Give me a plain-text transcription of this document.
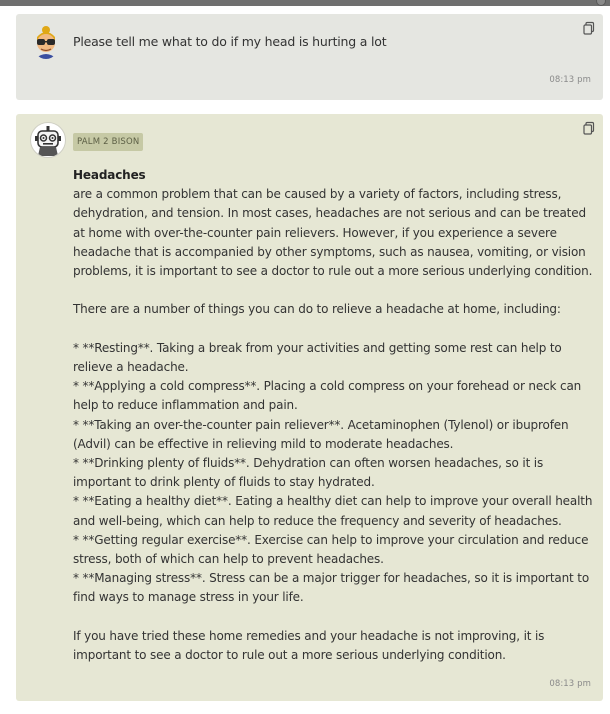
Please tell me what to do if my head is hurting a lot
08:13 pm
PALM 2 BISON

Headaches

are a common problem that can be caused by a variety of factors, including stress, dehydration, and tension. In most cases, headaches are not serious and can be treated at home with over-the-counter pain relievers. However, if you experience a severe headache that is accompanied by other symptoms, such as nausea, vomiting, or vision problems, it is important to see a doctor to rule out a more serious underlying condition.

There are a number of things you can do to relieve a headache at home, including:

* **Resting**. Taking a break from your activities and getting some rest can help to relieve a headache.

* **Applying a cold compress**. Placing a cold compress on your forehead or neck can help to reduce inflammation and pain.

* **Taking an over-the-counter pain reliever**. Acetaminophen (Tylenol) or ibuprofen (Advil) can be effective in relieving mild to moderate headaches.

* **Drinking plenty of fluids**. Dehydration can often worsen headaches, so it is important to drink plenty of fluids to stay hydrated.

* **Eating a healthy diet**. Eating a healthy diet can help to improve your overall health and well-being, which can help to reduce the frequency and severity of headaches.

* **Getting regular exercise**. Exercise can help to improve your circulation and reduce stress, both of which can help to prevent headaches.

* **Managing stress**. Stress can be a major trigger for headaches, so it is important to find ways to manage stress in your life.

If you have tried these home remedies and your headache is not improving, it is important to see a doctor to rule out a more serious underlying condition.

08:13 pm
